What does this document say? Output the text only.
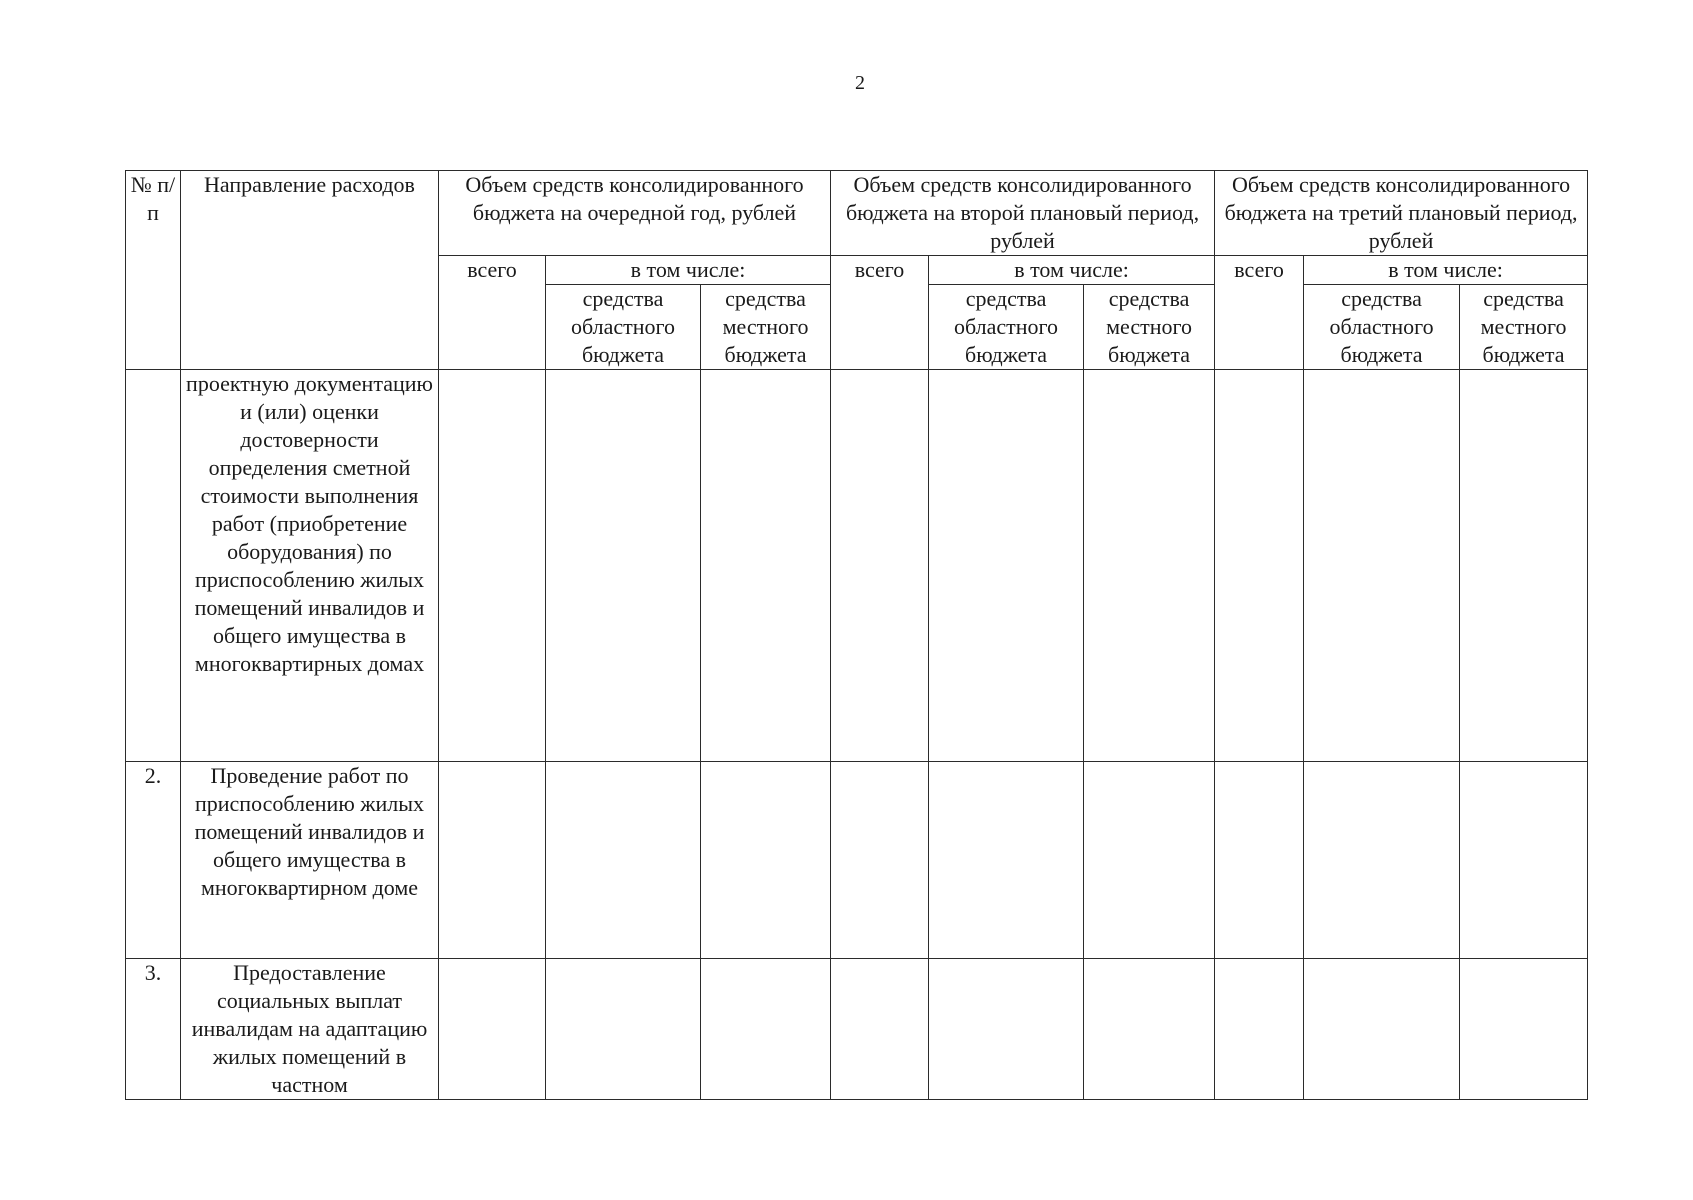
2
№ п/п	Направление расходов	Объем средств консолидированного бюджета на очередной год, рублей			Объем средств консолидированного бюджета на второй плановый период, рублей			Объем средств консолидированного бюджета на третий плановый период, рублей		
		всего	в том числе:		всего	в том числе:		всего	в том числе:	
			средства областного бюджета	средства местного бюджета		средства областного бюджета	средства местного бюджета		средства областного бюджета	средства местного бюджета
	проектную документацию и (или) оценки достоверности определения сметной стоимости выполнения работ (приобретение оборудования) по приспособлению жилых помещений инвалидов и общего имущества в многоквартирных домах									
2.	Проведение работ по приспособлению жилых помещений инвалидов и общего имущества в многоквартирном доме									
3.	Предоставление социальных выплат инвалидам на адаптацию жилых помещений в частном									
